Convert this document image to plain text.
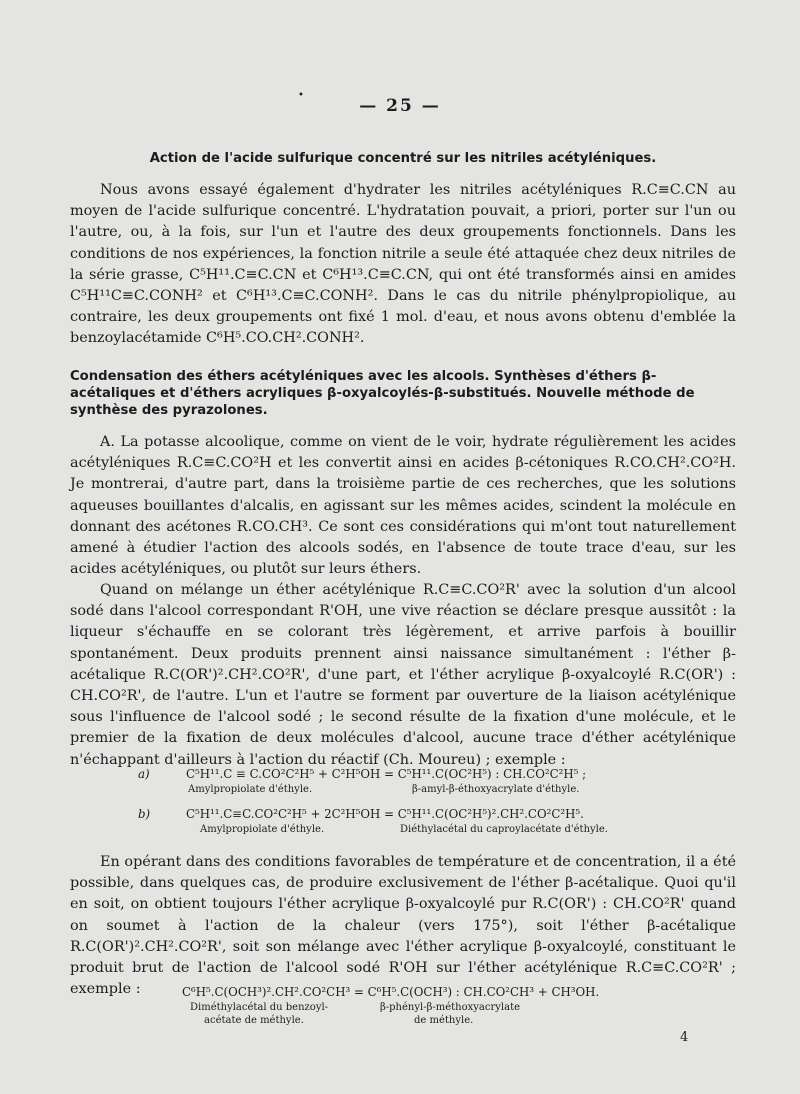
•
— 25 —
Action de l'acide sulfurique concentré sur les nitriles acétyléniques.
Nous avons essayé également d'hydrater les nitriles acétyléniques R.C≡C.CN au moyen de l'acide sulfurique concentré. L'hydratation pouvait, a priori, porter sur l'un ou l'autre, ou, à la fois, sur l'un et l'autre des deux groupements fonctionnels. Dans les conditions de nos expériences, la fonction nitrile a seule été attaquée chez deux nitriles de la série grasse, C⁵H¹¹.C≡C.CN et C⁶H¹³.C≡C.CN, qui ont été transformés ainsi en amides C⁵H¹¹C≡C.CONH² et C⁶H¹³.C≡C.CONH². Dans le cas du nitrile phénylpropiolique, au contraire, les deux groupements ont fixé 1 mol. d'eau, et nous avons obtenu d'emblée la benzoylacétamide C⁶H⁵.CO.CH².CONH².
Condensation des éthers acétyléniques avec les alcools. Synthèses d'éthers β-acétaliques et d'éthers acryliques β-oxyalcoylés-β-substitués. Nouvelle méthode de synthèse des pyrazolones.
A. La potasse alcoolique, comme on vient de le voir, hydrate régulièrement les acides acétyléniques R.C≡C.CO²H et les convertit ainsi en acides β-cétoniques R.CO.CH².CO²H. Je montrerai, d'autre part, dans la troisième partie de ces recherches, que les solutions aqueuses bouillantes d'alcalis, en agissant sur les mêmes acides, scindent la molécule en donnant des acétones R.CO.CH³. Ce sont ces considérations qui m'ont tout naturellement amené à étudier l'action des alcools sodés, en l'absence de toute trace d'eau, sur les acides acétyléniques, ou plutôt sur leurs éthers.
Quand on mélange un éther acétylénique R.C≡C.CO²R' avec la solution d'un alcool sodé dans l'alcool correspondant R'OH, une vive réaction se déclare presque aussitôt : la liqueur s'échauffe en se colorant très légèrement, et arrive parfois à bouillir spontanément. Deux produits prennent ainsi naissance simultanément : l'éther β-acétalique R.C(OR')².CH².CO²R', d'une part, et l'éther acrylique β-oxyalcoylé R.C(OR') : CH.CO²R', de l'autre. L'un et l'autre se forment par ouverture de la liaison acétylénique sous l'influence de l'alcool sodé ; le second résulte de la fixation d'une molécule, et le premier de la fixation de deux molécules d'alcool, aucune trace d'éther acétylénique n'échappant d'ailleurs à l'action du réactif (Ch. Moureu) ; exemple :
a)	C⁵H¹¹.C ≡ C.CO²C²H⁵ + C²H⁵OH = C⁵H¹¹.C(OC²H⁵) : CH.CO²C²H⁵ ;
Amylpropiolate d'éthyle.	β-amyl-β-éthoxyacrylate d'éthyle.
b)	C⁵H¹¹.C≡C.CO²C²H⁵ + 2C²H⁵OH = C⁵H¹¹.C(OC²H⁵)².CH².CO²C²H⁵.
Amylpropiolate d'éthyle.	Diéthylacétal du caproylacétate d'éthyle.
En opérant dans des conditions favorables de température et de concentration, il a été possible, dans quelques cas, de produire exclusivement de l'éther β-acétalique. Quoi qu'il en soit, on obtient toujours l'éther acrylique β-oxyalcoylé pur R.C(OR') : CH.CO²R' quand on soumet à l'action de la chaleur (vers 175°), soit l'éther β-acétalique R.C(OR')².CH².CO²R', soit son mélange avec l'éther acrylique β-oxyalcoylé, constituant le produit brut de l'action de l'alcool sodé R'OH sur l'éther acétylénique R.C≡C.CO²R' ; exemple :	C⁶H⁵.C(OCH³)².CH².CO²CH³ = C⁶H⁵.C(OCH³) : CH.CO²CH³ + CH³OH.
Diméthylacétal du benzoyl-
acétate de méthyle.
β-phényl-β-méthoxyacrylate
de méthyle.
4
